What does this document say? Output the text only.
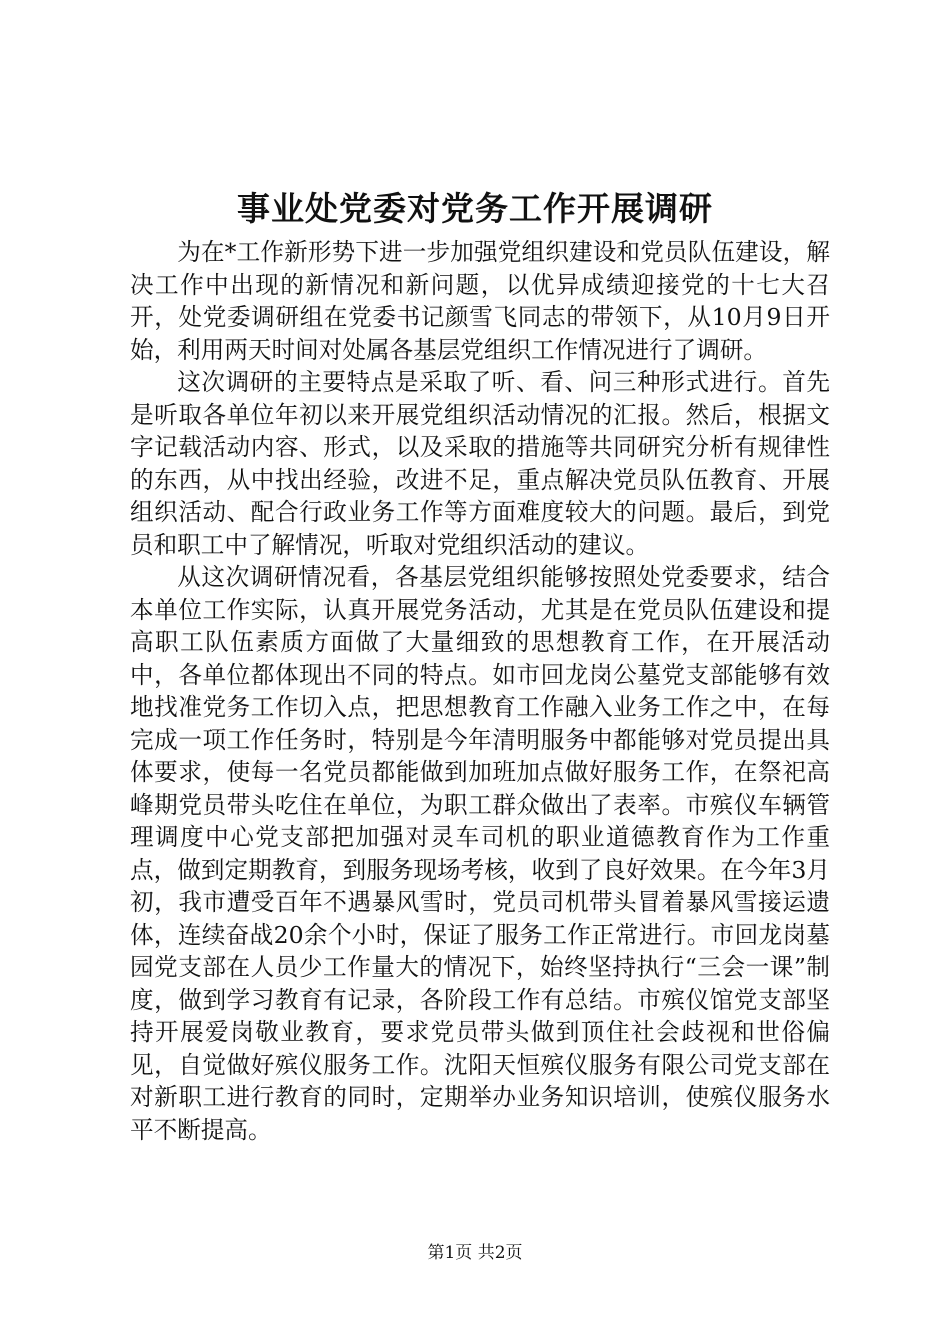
事业处党委对党务工作开展调研

为在*工作新形势下进一步加强党组织建设和党员队伍建设，解决工作中出现的新情况和新问题，以优异成绩迎接党的十七大召开，处党委调研组在党委书记颜雪飞同志的带领下，从10月9日开始，利用两天时间对处属各基层党组织工作情况进行了调研。

这次调研的主要特点是采取了听、看、问三种形式进行。首先是听取各单位年初以来开展党组织活动情况的汇报。然后，根据文字记载活动内容、形式，以及采取的措施等共同研究分析有规律性的东西，从中找出经验，改进不足，重点解决党员队伍教育、开展组织活动、配合行政业务工作等方面难度较大的问题。最后，到党员和职工中了解情况，听取对党组织活动的建议。

从这次调研情况看，各基层党组织能够按照处党委要求，结合本单位工作实际，认真开展党务活动，尤其是在党员队伍建设和提高职工队伍素质方面做了大量细致的思想教育工作，在开展活动中，各单位都体现出不同的特点。如市回龙岗公墓党支部能够有效地找准党务工作切入点，把思想教育工作融入业务工作之中，在每完成一项工作任务时，特别是今年清明服务中都能够对党员提出具体要求，使每一名党员都能做到加班加点做好服务工作，在祭祀高峰期党员带头吃住在单位，为职工群众做出了表率。市殡仪车辆管理调度中心党支部把加强对灵车司机的职业道德教育作为工作重点，做到定期教育，到服务现场考核，收到了良好效果。在今年3月初，我市遭受百年不遇暴风雪时，党员司机带头冒着暴风雪接运遗体，连续奋战20余个小时，保证了服务工作正常进行。市回龙岗墓园党支部在人员少工作量大的情况下，始终坚持执行“三会一课”制度，做到学习教育有记录，各阶段工作有总结。市殡仪馆党支部坚持开展爱岗敬业教育，要求党员带头做到顶住社会歧视和世俗偏见，自觉做好殡仪服务工作。沈阳天恒殡仪服务有限公司党支部在对新职工进行教育的同时，定期举办业务知识培训，使殡仪服务水平不断提高。

第1页 共2页
